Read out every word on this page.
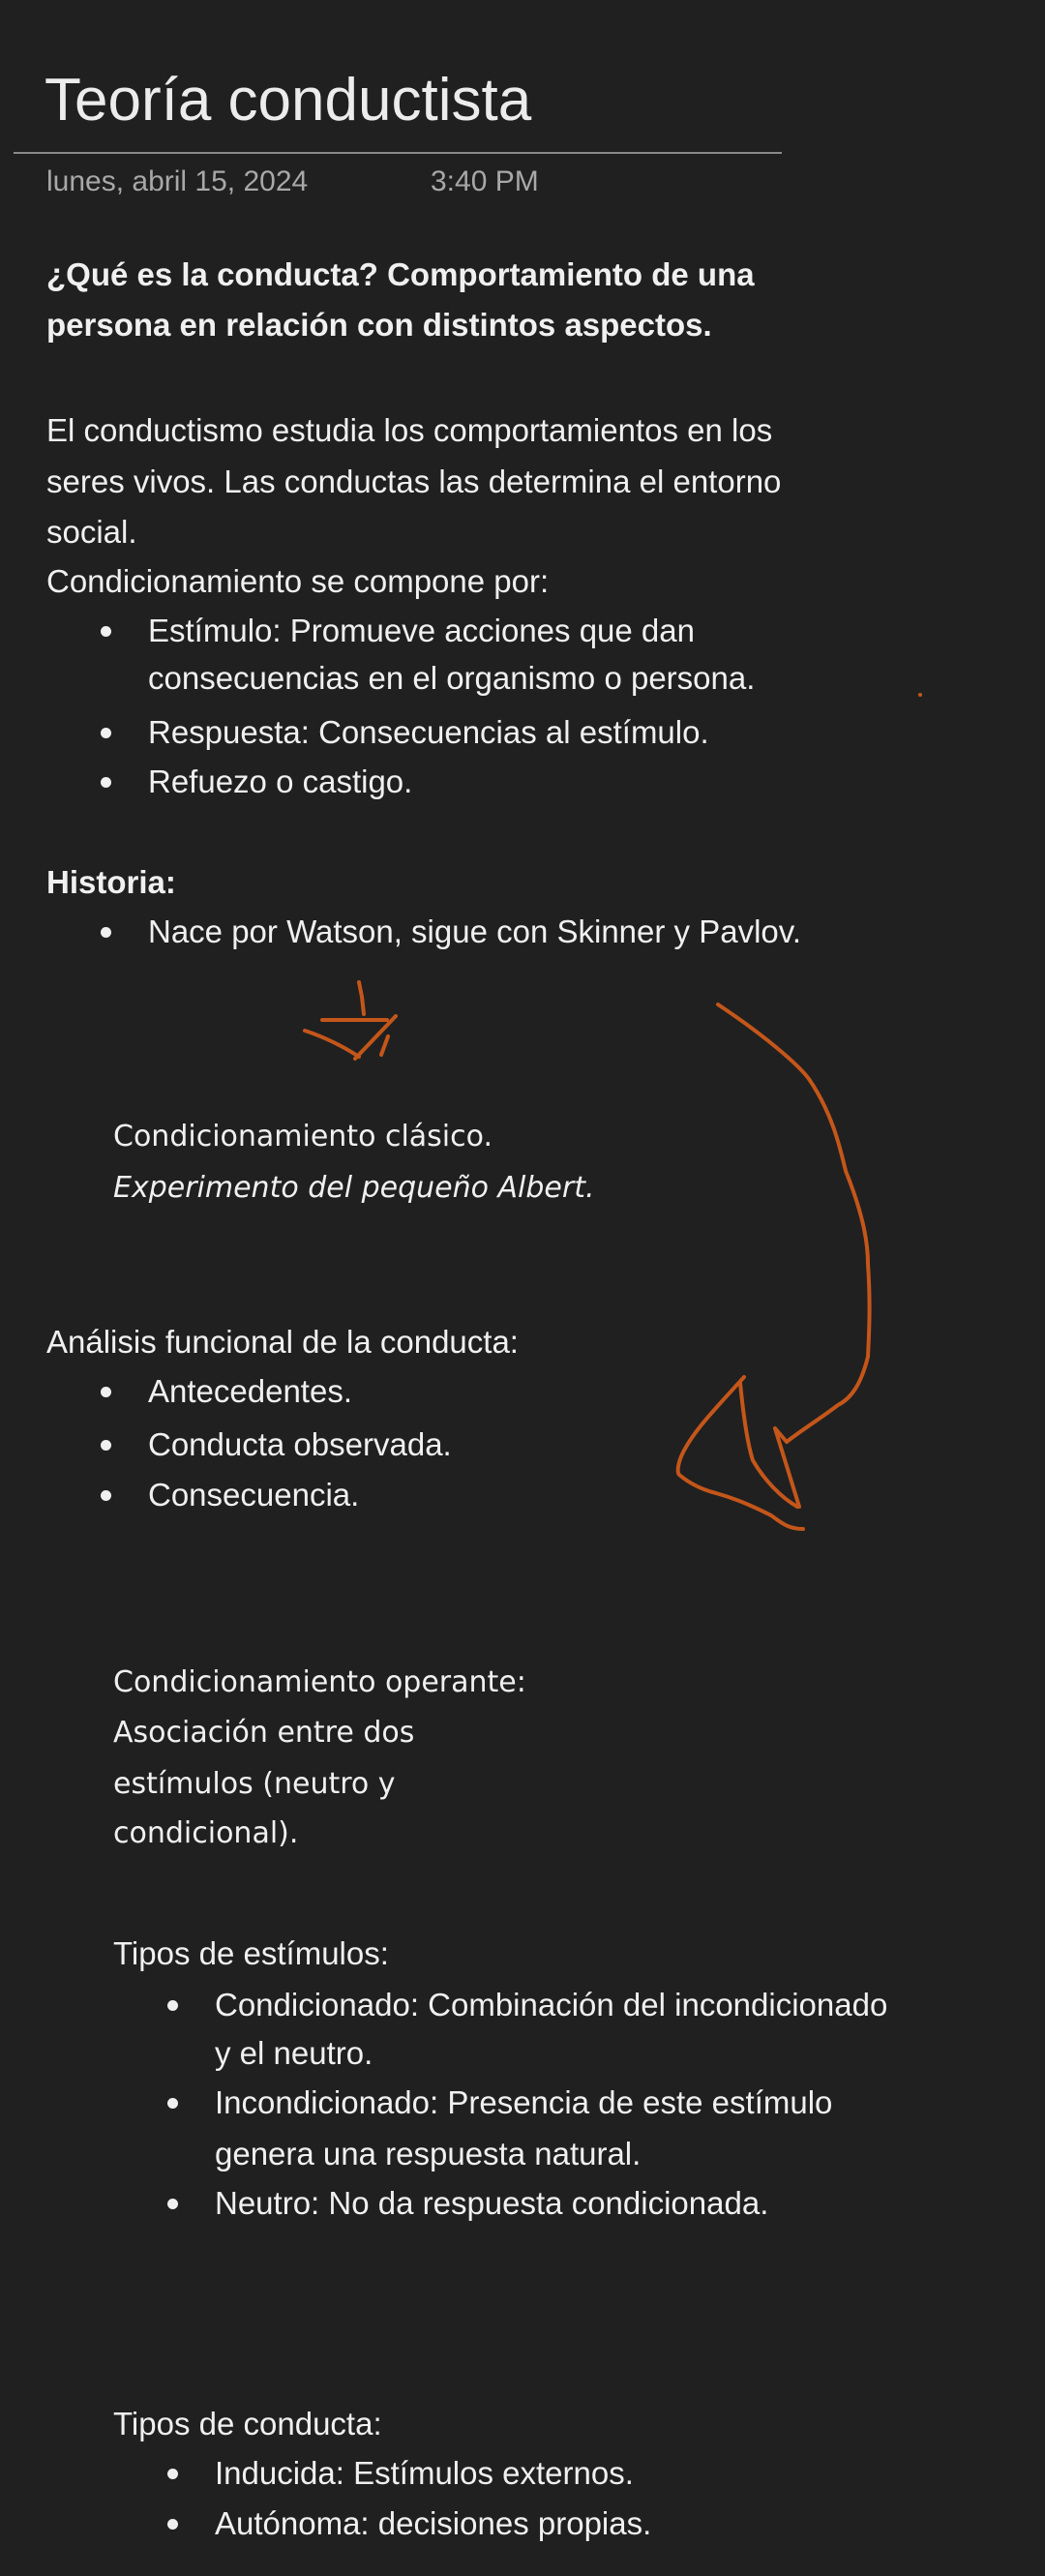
Teoría conductista
lunes, abril 15, 2024	3:40 PM
¿Qué es la conducta? Comportamiento de una
persona en relación con distintos aspectos.
El conductismo estudia los comportamientos en los
seres vivos. Las conductas las determina el entorno
social.
Condicionamiento se compone por:
Estímulo: Promueve acciones que dan
consecuencias en el organismo o persona.
Respuesta: Consecuencias al estímulo.
Refuezo o castigo.
Historia:
Nace por Watson, sigue con Skinner y Pavlov.
Condicionamiento clásico.
Experimento del pequeño Albert.
Análisis funcional de la conducta:
Antecedentes.
Conducta observada.
Consecuencia.
Condicionamiento operante:
Asociación entre dos
estímulos (neutro y
condicional).
Tipos de estímulos:
Condicionado: Combinación del incondicionado
y el neutro.
Incondicionado: Presencia de este estímulo
genera una respuesta natural.
Neutro: No da respuesta condicionada.
Tipos de conducta:
Inducida: Estímulos externos.
Autónoma: decisiones propias.
